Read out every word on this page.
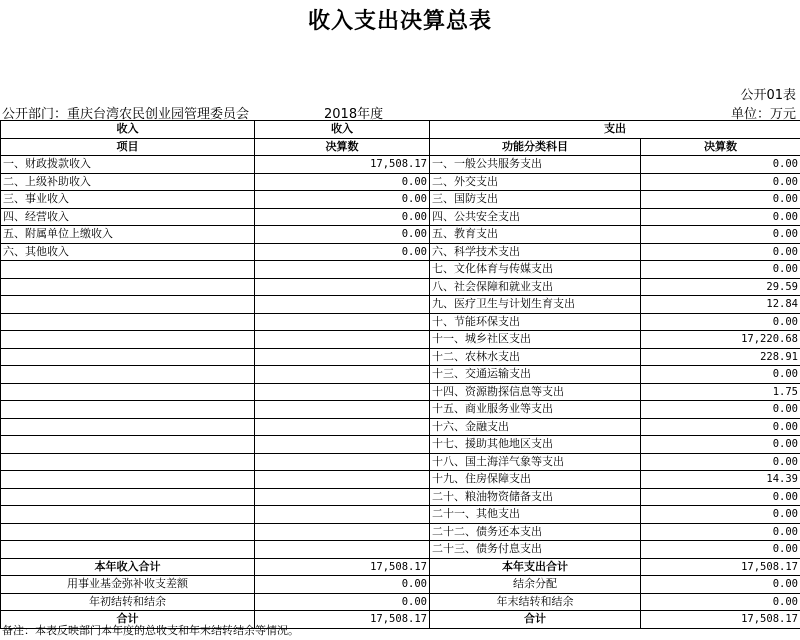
收入支出决算总表
公开01表
公开部门：重庆台湾农民创业园管理委员会	2018年度	单位：万元
收入	收入	支出	
项目	决算数	功能分类科目	决算数
一、财政拨款收入	17,508.17	一、一般公共服务支出	0.00
二、上级补助收入	0.00	二、外交支出	0.00
三、事业收入	0.00	三、国防支出	0.00
四、经营收入	0.00	四、公共安全支出	0.00
五、附属单位上缴收入	0.00	五、教育支出	0.00
六、其他收入	0.00	六、科学技术支出	0.00
		七、文化体育与传媒支出	0.00
		八、社会保障和就业支出	29.59
		九、医疗卫生与计划生育支出	12.84
		十、节能环保支出	0.00
		十一、城乡社区支出	17,220.68
		十二、农林水支出	228.91
		十三、交通运输支出	0.00
		十四、资源勘探信息等支出	1.75
		十五、商业服务业等支出	0.00
		十六、金融支出	0.00
		十七、援助其他地区支出	0.00
		十八、国土海洋气象等支出	0.00
		十九、住房保障支出	14.39
		二十、粮油物资储备支出	0.00
		二十一、其他支出	0.00
		二十二、债务还本支出	0.00
		二十三、债务付息支出	0.00
本年收入合计	17,508.17	本年支出合计	17,508.17
用事业基金弥补收支差额	0.00	结余分配	0.00
年初结转和结余	0.00	年末结转和结余	0.00
合计	17,508.17	合计	17,508.17
备注：本表反映部门本年度的总收支和年末结转结余等情况。
